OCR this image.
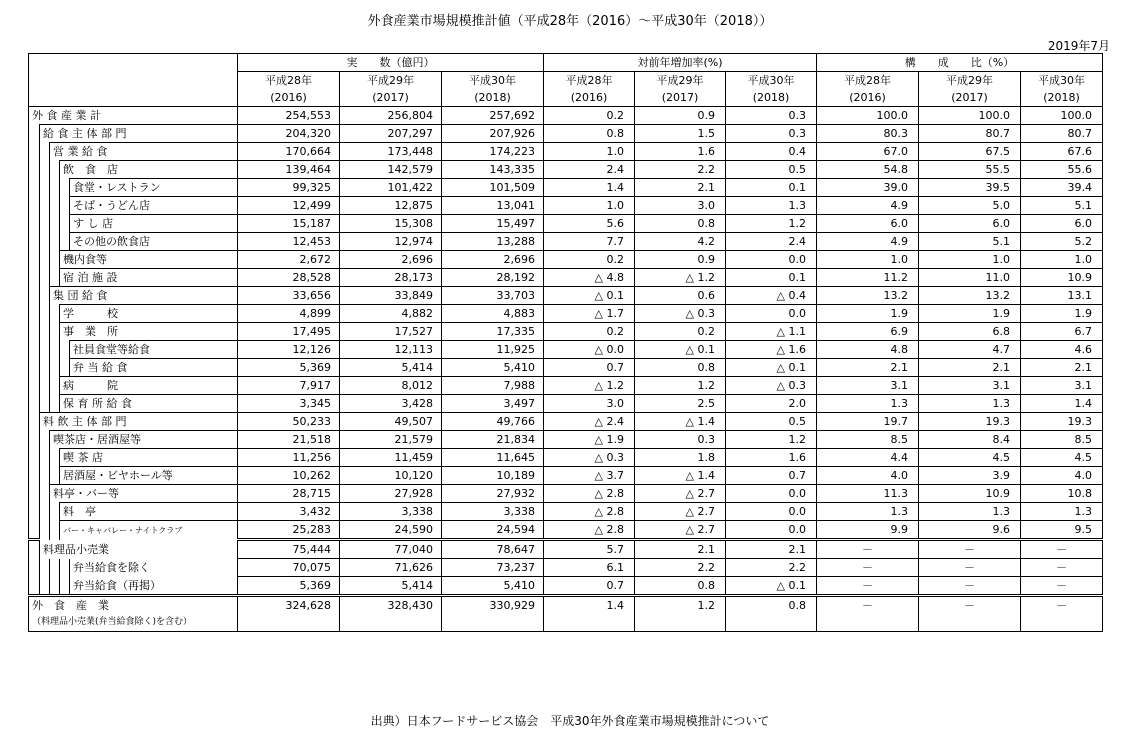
外食産業市場規模推計値（平成28年（2016）～平成30年（2018））
2019年7月
					実　　数（億円）			対前年増加率(%)			構　　成　　比（%）		
					平成28年	平成29年	平成30年	平成28年	平成29年	平成30年	平成28年	平成29年	平成30年
					(2016)	(2017)	(2018)	(2016)	(2017)	(2018)	(2016)	(2017)	(2018)
外 食 産 業 計					254,553	256,804	257,692	0.2	0.9	0.3	100.0	100.0	100.0
	給 食 主 体 部 門				204,320	207,297	207,926	0.8	1.5	0.3	80.3	80.7	80.7
		営 業 給 食			170,664	173,448	174,223	1.0	1.6	0.4	67.0	67.5	67.6
			飲　食　店		139,464	142,579	143,335	2.4	2.2	0.5	54.8	55.5	55.6
				食堂・レストラン	99,325	101,422	101,509	1.4	2.1	0.1	39.0	39.5	39.4
				そば・うどん店	12,499	12,875	13,041	1.0	3.0	1.3	4.9	5.0	5.1
				す し 店	15,187	15,308	15,497	5.6	0.8	1.2	6.0	6.0	6.0
				その他の飲食店	12,453	12,974	13,288	7.7	4.2	2.4	4.9	5.1	5.2
			機内食等		2,672	2,696	2,696	0.2	0.9	0.0	1.0	1.0	1.0
			宿 泊 施 設		28,528	28,173	28,192	△ 4.8	△ 1.2	0.1	11.2	11.0	10.9
		集 団 給 食			33,656	33,849	33,703	△ 0.1	0.6	△ 0.4	13.2	13.2	13.1
			学　　　校		4,899	4,882	4,883	△ 1.7	△ 0.3	0.0	1.9	1.9	1.9
			事　業　所		17,495	17,527	17,335	0.2	0.2	△ 1.1	6.9	6.8	6.7
				社員食堂等給食	12,126	12,113	11,925	△ 0.0	△ 0.1	△ 1.6	4.8	4.7	4.6
				弁 当 給 食	5,369	5,414	5,410	0.7	0.8	△ 0.1	2.1	2.1	2.1
			病　　　院		7,917	8,012	7,988	△ 1.2	1.2	△ 0.3	3.1	3.1	3.1
			保 育 所 給 食		3,345	3,428	3,497	3.0	2.5	2.0	1.3	1.3	1.4
	料 飲 主 体 部 門				50,233	49,507	49,766	△ 2.4	△ 1.4	0.5	19.7	19.3	19.3
		喫茶店・居酒屋等			21,518	21,579	21,834	△ 1.9	0.3	1.2	8.5	8.4	8.5
			喫 茶 店		11,256	11,459	11,645	△ 0.3	1.8	1.6	4.4	4.5	4.5
			居酒屋・ビヤホール等		10,262	10,120	10,189	△ 3.7	△ 1.4	0.7	4.0	3.9	4.0
		料亭・バー等			28,715	27,928	27,932	△ 2.8	△ 2.7	0.0	11.3	10.9	10.8
			料　亭		3,432	3,338	3,338	△ 2.8	△ 2.7	0.0	1.3	1.3	1.3
			バー・キャバレー・ナイトクラブ		25,283	24,590	24,594	△ 2.8	△ 2.7	0.0	9.9	9.6	9.5
	料理品小売業				75,444	77,040	78,647	5.7	2.1	2.1	－	－	－
				弁当給食を除く	70,075	71,626	73,237	6.1	2.2	2.2	－	－	－
				弁当給食（再掲）	5,369	5,414	5,410	0.7	0.8	△ 0.1	－	－	－
外　食　産　業					324,628	328,430	330,929	1.4	1.2	0.8	－	－	－
（料理品小売業(弁当給食除く)を含む）													
出典）日本フードサービス協会　平成30年外食産業市場規模推計について
